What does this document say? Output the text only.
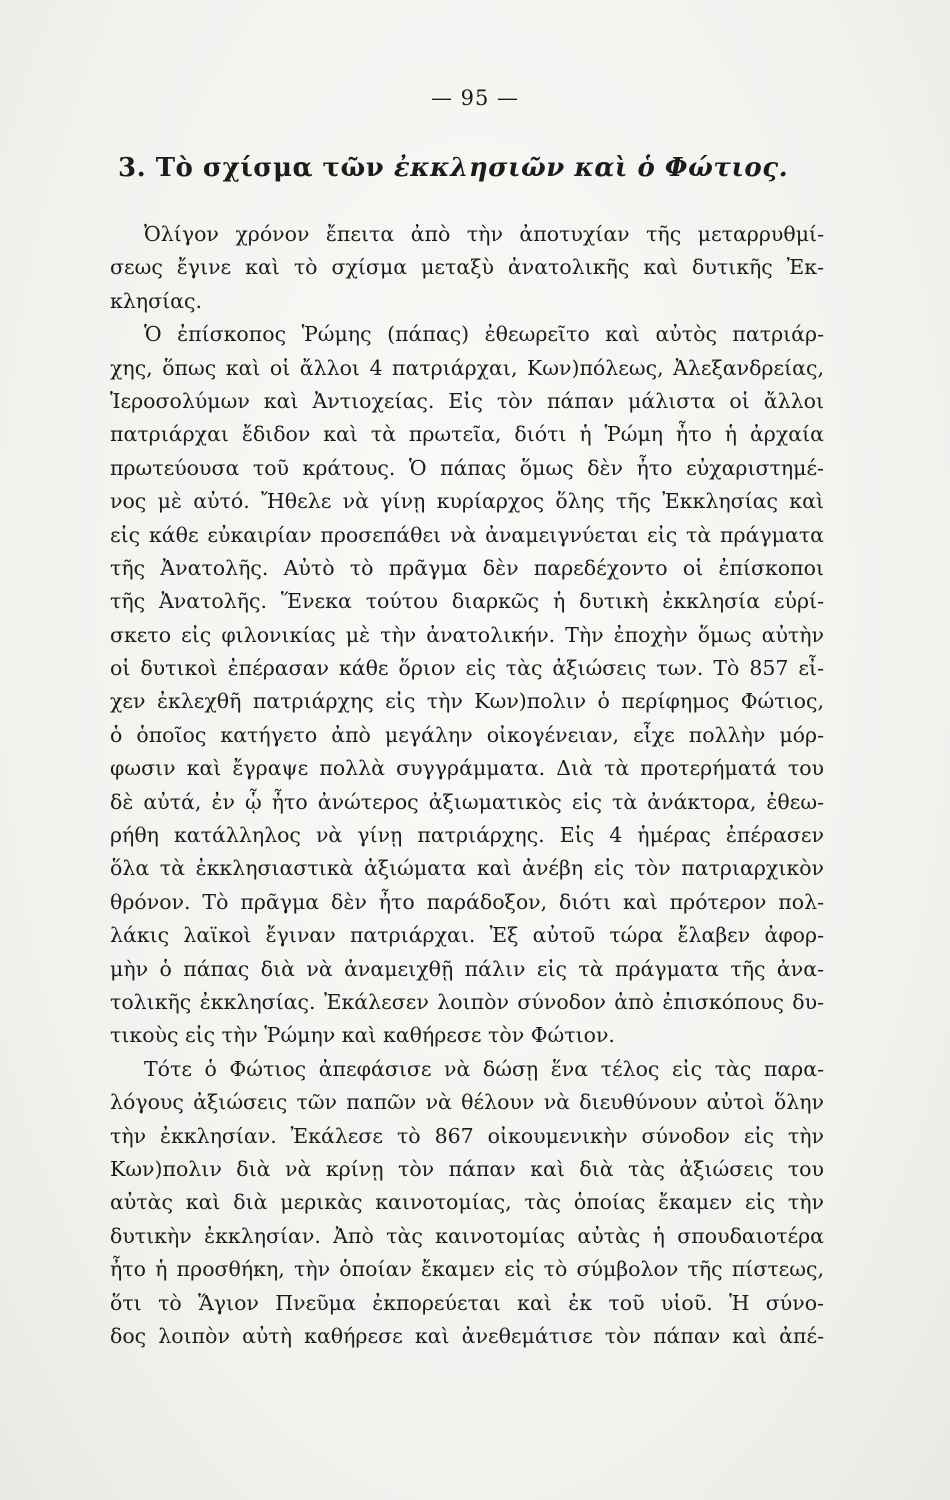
— 95 —
3. Τὸ σχίσμα τῶν ἐκκλησιῶν καὶ ὁ Φώτιος.
Ὀλίγον χρόνον ἔπειτα ἀπὸ τὴν ἀποτυχίαν τῆς μεταρρυθμί-
σεως ἔγινε καὶ τὸ σχίσμα μεταξὺ ἀνατολικῆς καὶ δυτικῆς Ἐκ-
κλησίας.
Ὁ ἐπίσκοπος Ῥώμης (πάπας) ἐθεωρεῖτο καὶ αὐτὸς πατριάρ-
χης, ὅπως καὶ οἱ ἄλλοι 4 πατριάρχαι, Κων)πόλεως, Ἀλεξανδρείας,
Ἱεροσολύμων καὶ Ἀντιοχείας. Εἰς τὸν πάπαν μάλιστα οἱ ἄλλοι
πατριάρχαι ἔδιδον καὶ τὰ πρωτεῖα, διότι ἡ Ῥώμη ἦτο ἡ ἀρχαία
πρωτεύουσα τοῦ κράτους. Ὁ πάπας ὅμως δὲν ἦτο εὐχαριστημέ-
νος μὲ αὐτό. Ἤθελε νὰ γίνῃ κυρίαρχος ὅλης τῆς Ἐκκλησίας καὶ
εἰς κάθε εὐκαιρίαν προσεπάθει νὰ ἀναμειγνύεται εἰς τὰ πράγματα
τῆς Ἀνατολῆς. Αὐτὸ τὸ πρᾶγμα δὲν παρεδέχοντο οἱ ἐπίσκοποι
τῆς Ἀνατολῆς. Ἕνεκα τούτου διαρκῶς ἡ δυτικὴ ἐκκλησία εὑρί-
σκετο εἰς φιλονικίας μὲ τὴν ἀνατολικήν. Τὴν ἐποχὴν ὅμως αὐτὴν
οἱ δυτικοὶ ἐπέρασαν κάθε ὅριον εἰς τὰς ἀξιώσεις των. Τὸ 857 εἶ-
χεν ἐκλεχθῆ πατριάρχης εἰς τὴν Κων)πολιν ὁ περίφημος Φώτιος,
ὁ ὁποῖος κατήγετο ἀπὸ μεγάλην οἰκογένειαν, εἶχε πολλὴν μόρ-
φωσιν καὶ ἔγραψε πολλὰ συγγράμματα. Διὰ τὰ προτερήματά του
δὲ αὐτά, ἐν ᾧ ἦτο ἀνώτερος ἀξιωματικὸς εἰς τὰ ἀνάκτορα, ἐθεω-
ρήθη κατάλληλος νὰ γίνῃ πατριάρχης. Εἰς 4 ἡμέρας ἐπέρασεν
ὅλα τὰ ἐκκλησιαστικὰ ἀξιώματα καὶ ἀνέβη εἰς τὸν πατριαρχικὸν
θρόνον. Τὸ πρᾶγμα δὲν ἦτο παράδοξον, διότι καὶ πρότερον πολ-
λάκις λαϊκοὶ ἔγιναν πατριάρχαι. Ἐξ αὐτοῦ τώρα ἔλαβεν ἀφορ-
μὴν ὁ πάπας διὰ νὰ ἀναμειχθῇ πάλιν εἰς τὰ πράγματα τῆς ἀνα-
τολικῆς ἐκκλησίας. Ἐκάλεσεν λοιπὸν σύνοδον ἀπὸ ἐπισκόπους δυ-
τικοὺς εἰς τὴν Ῥώμην καὶ καθήρεσε τὸν Φώτιον.
Τότε ὁ Φώτιος ἀπεφάσισε νὰ δώσῃ ἕνα τέλος εἰς τὰς παρα-
λόγους ἀξιώσεις τῶν παπῶν νὰ θέλουν νὰ διευθύνουν αὐτοὶ ὅλην
τὴν ἐκκλησίαν. Ἐκάλεσε τὸ 867 οἰκουμενικὴν σύνοδον εἰς τὴν
Κων)πολιν διὰ νὰ κρίνῃ τὸν πάπαν καὶ διὰ τὰς ἀξιώσεις του
αὐτὰς καὶ διὰ μερικὰς καινοτομίας, τὰς ὁποίας ἔκαμεν εἰς τὴν
δυτικὴν ἐκκλησίαν. Ἀπὸ τὰς καινοτομίας αὐτὰς ἡ σπουδαιοτέρα
ἦτο ἡ προσθήκη, τὴν ὁποίαν ἔκαμεν εἰς τὸ σύμβολον τῆς πίστεως,
ὅτι τὸ Ἅγιον Πνεῦμα ἐκπορεύεται καὶ ἐκ τοῦ υἱοῦ. Ἡ σύνο-
δος λοιπὸν αὐτὴ καθήρεσε καὶ ἀνεθεμάτισε τὸν πάπαν καὶ ἀπέ-
